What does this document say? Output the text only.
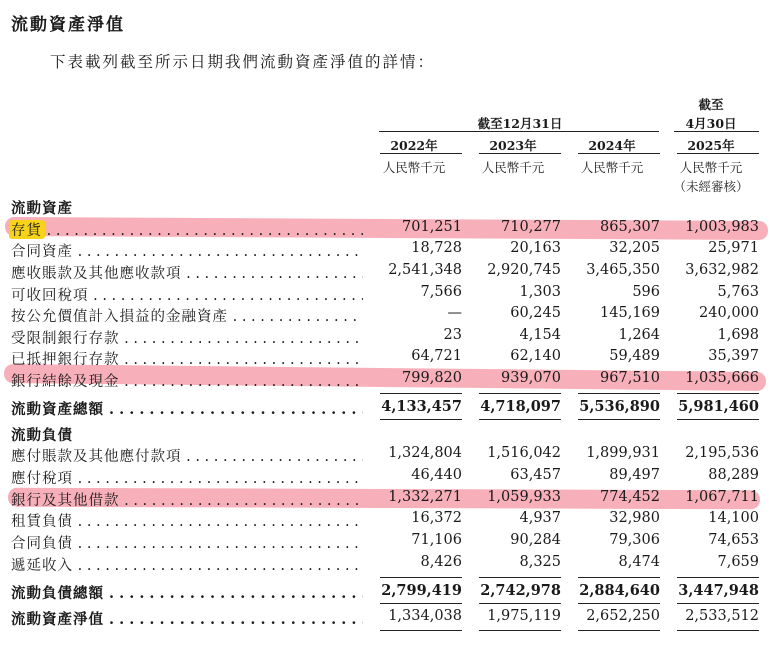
流動資產淨值
下表載列截至所示日期我們流動資產淨值的詳情：
截至
截至12月31日	4月30日
2022年	2023年	2024年	2025年
人民幣千元	人民幣千元	人民幣千元	人民幣千元
（未經審核）
流動資產
存貨 . . .	701,251	710,277	865,307	1,003,983
合同資產 . . .	18,728	20,163	32,205	25,971
應收賬款及其他應收款項 . . .	2,541,348	2,920,745	3,465,350	3,632,982
可收回稅項 . . .	7,566	1,303	596	5,763
按公允價值計入損益的金融資產 . . .	—	60,245	145,169	240,000
受限制銀行存款 . . .	23	4,154	1,264	1,698
已抵押銀行存款 . . .	64,721	62,140	59,489	35,397
銀行結餘及現金 . . .	799,820	939,070	967,510	1,035,666
流動資產總額 . . .	4,133,457	4,718,097	5,536,890	5,981,460
流動負債
應付賬款及其他應付款項 . . .	1,324,804	1,516,042	1,899,931	2,195,536
應付稅項 . . .	46,440	63,457	89,497	88,289
銀行及其他借款 . . .	1,332,271	1,059,933	774,452	1,067,711
租賃負債 . . .	16,372	4,937	32,980	14,100
合同負債 . . .	71,106	90,284	79,306	74,653
遞延收入 . . .	8,426	8,325	8,474	7,659
流動負債總額 . . .	2,799,419	2,742,978	2,884,640	3,447,948
流動資產淨值 . . .	1,334,038	1,975,119	2,652,250	2,533,512
